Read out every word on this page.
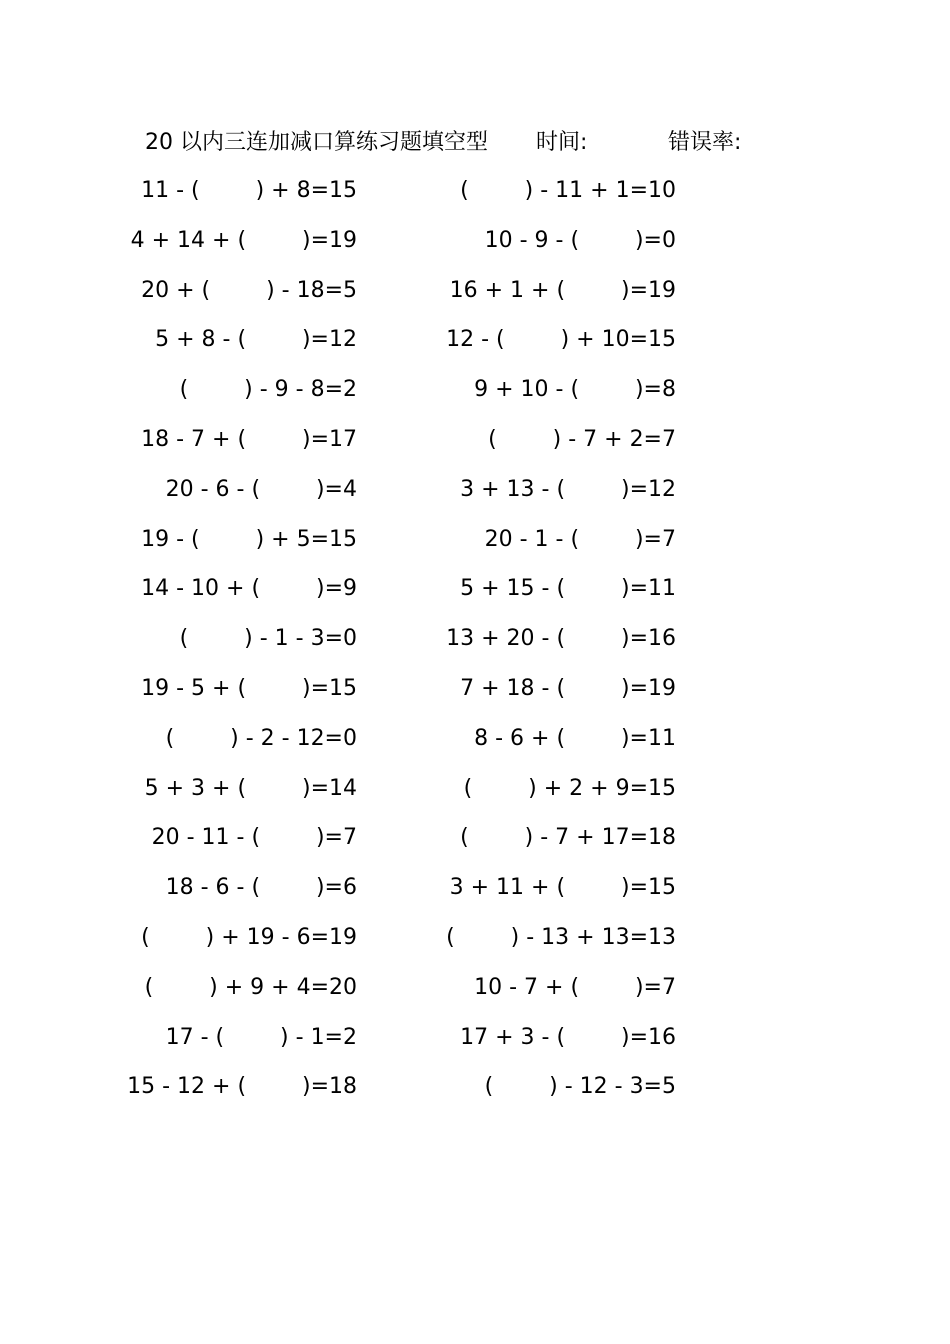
20 以内三连加减口算练习题填空型 时间:	错误率:
11 - (        ) + 8=15
4 + 14 + (        )=19
20 + (        ) - 18=5
5 + 8 - (        )=12
(        ) - 9 - 8=2
18 - 7 + (        )=17
20 - 6 - (        )=4
19 - (        ) + 5=15
14 - 10 + (        )=9
(        ) - 1 - 3=0
19 - 5 + (        )=15
(        ) - 2 - 12=0
5 + 3 + (        )=14
20 - 11 - (        )=7
18 - 6 - (        )=6
(        ) + 19 - 6=19
(        ) + 9 + 4=20
17 - (        ) - 1=2
15 - 12 + (        )=18
(        ) - 11 + 1=10
10 - 9 - (        )=0
16 + 1 + (        )=19
12 - (        ) + 10=15
9 + 10 - (        )=8
(        ) - 7 + 2=7
3 + 13 - (        )=12
20 - 1 - (        )=7
5 + 15 - (        )=11
13 + 20 - (        )=16
7 + 18 - (        )=19
8 - 6 + (        )=11
(        ) + 2 + 9=15
(        ) - 7 + 17=18
3 + 11 + (        )=15
(        ) - 13 + 13=13
10 - 7 + (        )=7
17 + 3 - (        )=16
(        ) - 12 - 3=5
